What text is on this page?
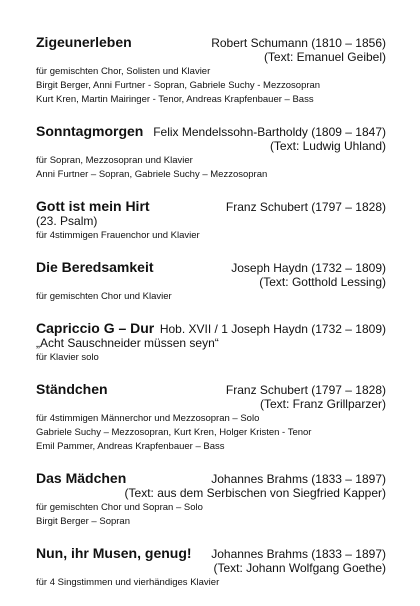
Zigeunerleben	Robert Schumann (1810 – 1856)
(Text: Emanuel Geibel)
für gemischten Chor, Solisten und Klavier
Birgit Berger, Anni Furtner - Sopran, Gabriele Suchy - Mezzosopran
Kurt Kren, Martin Mairinger - Tenor, Andreas Krapfenbauer – Bass
Sonntagmorgen Felix Mendelssohn-Bartholdy (1809 – 1847)
(Text: Ludwig Uhland)
für Sopran, Mezzosopran und Klavier
Anni Furtner – Sopran, Gabriele Suchy – Mezzosopran
Gott ist mein Hirt	Franz Schubert (1797 – 1828)
(23. Psalm)
für 4stimmigen Frauenchor und Klavier
Die Beredsamkeit	Joseph Haydn (1732 – 1809)
(Text: Gotthold Lessing)
für gemischten Chor und Klavier
Capriccio G – Dur Hob. XVII / 1 Joseph Haydn (1732 – 1809)
„Acht Sauschneider müssen seyn“
für Klavier solo
Ständchen	Franz Schubert (1797 – 1828)
(Text: Franz Grillparzer)
für 4stimmigen Männerchor und Mezzosopran – Solo
Gabriele Suchy – Mezzosopran, Kurt Kren, Holger Kristen - Tenor
Emil Pammer, Andreas Krapfenbauer – Bass
Das Mädchen	Johannes Brahms (1833 – 1897)
(Text: aus dem Serbischen von Siegfried Kapper)
für gemischten Chor und Sopran – Solo
Birgit Berger – Sopran
Nun, ihr Musen, genug! Johannes Brahms (1833 – 1897)
(Text: Johann Wolfgang Goethe)
für 4 Singstimmen und vierhändiges Klavier
